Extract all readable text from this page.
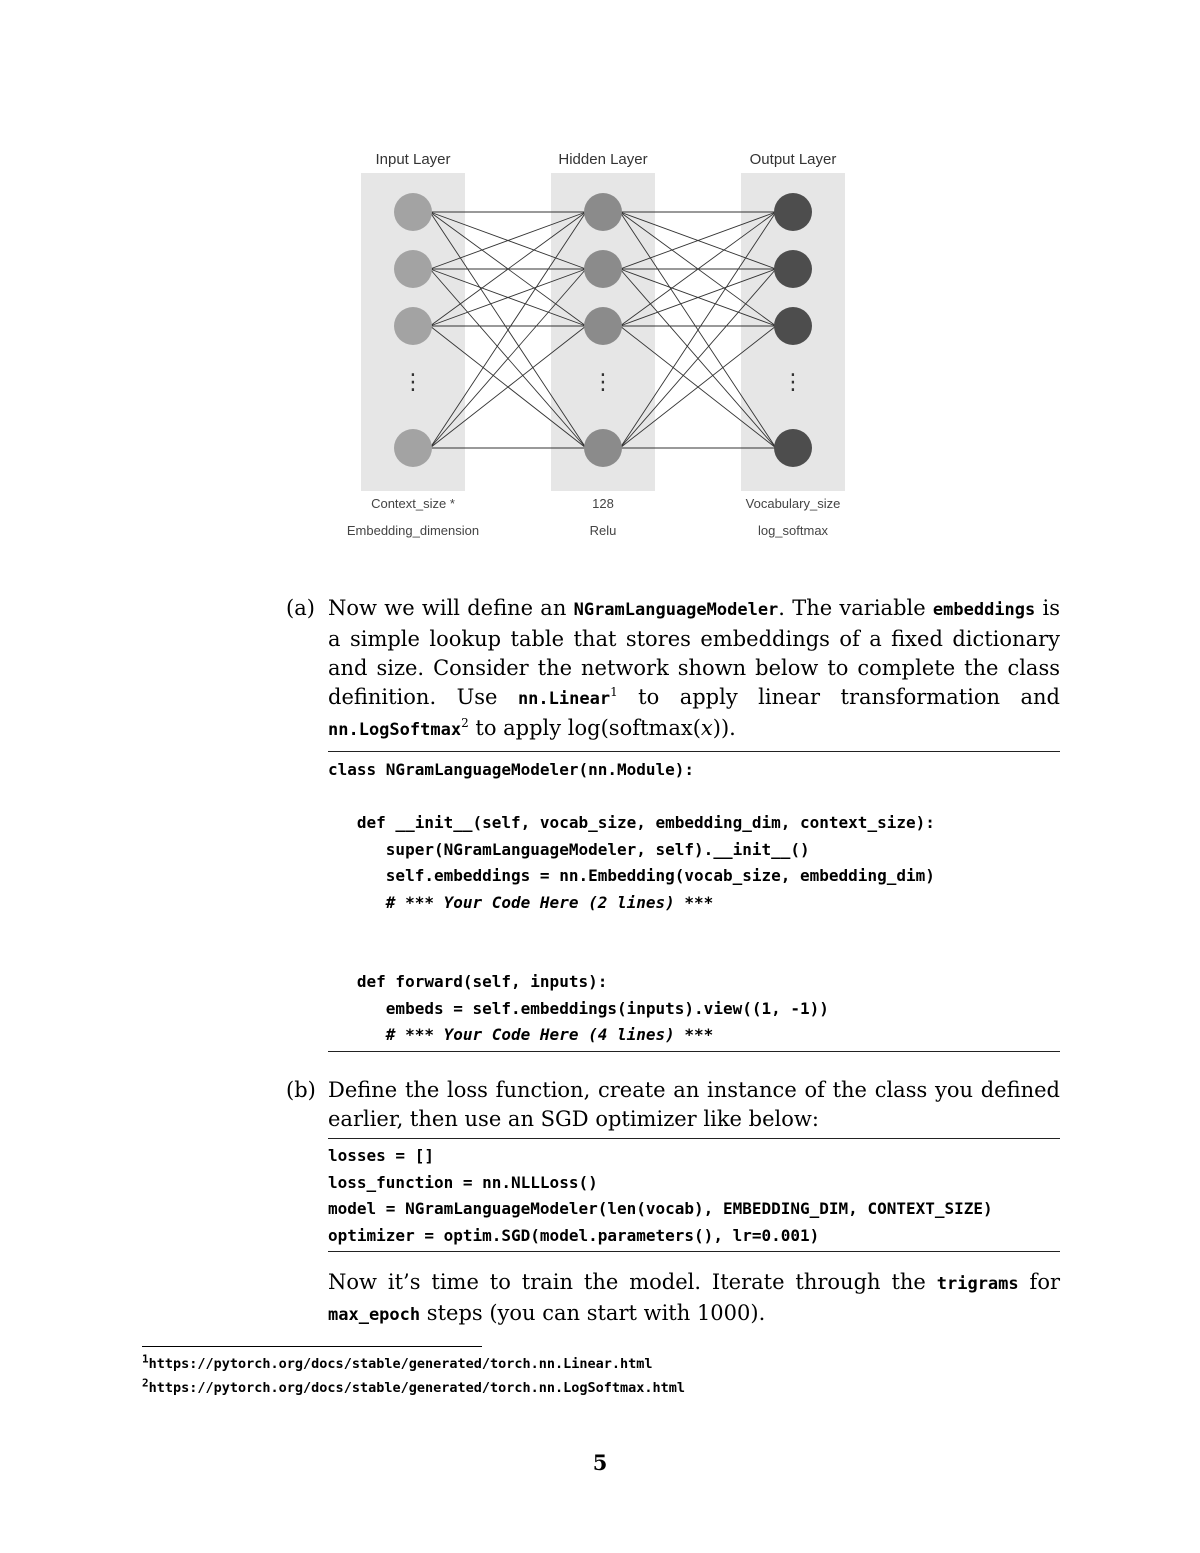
⋮	⋮	⋮
Input Layer
Context_size *
Embedding_dimension
Hidden Layer
128
Relu
Output Layer
Vocabulary_size
log_softmax
(a) Now we will define an NGramLanguageModeler. The variable embeddings is a simple lookup table that stores embeddings of a fixed dictionary and size. Consider the network shown below to complete the class definition. Use nn.Linear$^1$ to apply linear transformation and nn.LogSoftmax$^2$ to apply log(softmax(x)).

class NGramLanguageModeler(nn.Module):

def __init__(self, vocab_size, embedding_dim, context_size):
super(NGramLanguageModeler, self).__init__()
self.embeddings = nn.Embedding(vocab_size, embedding_dim)
# *** Your Code Here (2 lines) ***

def forward(self, inputs):
embeds = self.embeddings(inputs).view((1, -1))
# *** Your Code Here (4 lines) ***
(b) Define the loss function, create an instance of the class you defined earlier, then use an SGD optimizer like below:

losses = []
loss_function = nn.NLLLoss()
model = NGramLanguageModeler(len(vocab), EMBEDDING_DIM, CONTEXT_SIZE)
optimizer = optim.SGD(model.parameters(), lr=0.001)

Now it’s time to train the model. Iterate through the trigrams for max_epoch steps (you can start with 1000).

$^1$https://pytorch.org/docs/stable/generated/torch.nn.Linear.html
$^2$https://pytorch.org/docs/stable/generated/torch.nn.LogSoftmax.html
5
